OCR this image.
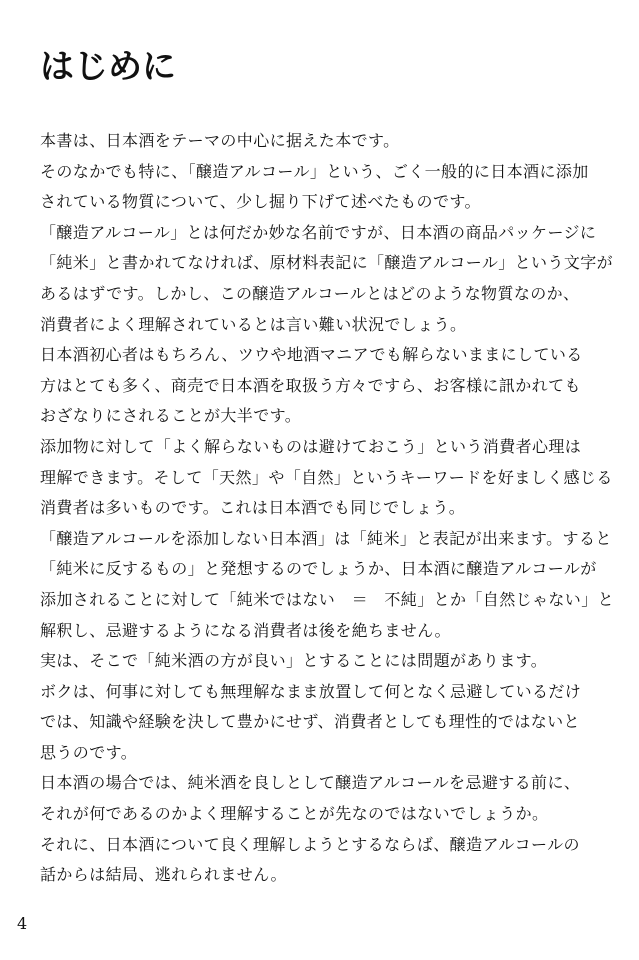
はじめに
本書は、日本酒をテーマの中心に据えた本です。
そのなかでも特に、「醸造アルコール」という、ごく一般的に日本酒に添加
されている物質について、少し掘り下げて述べたものです。
「醸造アルコール」とは何だか妙な名前ですが、日本酒の商品パッケージに
「純米」と書かれてなければ、原材料表記に「醸造アルコール」という文字が
あるはずです。しかし、この醸造アルコールとはどのような物質なのか、
消費者によく理解されているとは言い難い状況でしょう。
日本酒初心者はもちろん、ツウや地酒マニアでも解らないままにしている
方はとても多く、商売で日本酒を取扱う方々ですら、お客様に訊かれても
おざなりにされることが大半です。
添加物に対して「よく解らないものは避けておこう」という消費者心理は
理解できます。そして「天然」や「自然」というキーワードを好ましく感じる
消費者は多いものです。これは日本酒でも同じでしょう。
「醸造アルコールを添加しない日本酒」は「純米」と表記が出来ます。すると
「純米に反するもの」と発想するのでしょうか、日本酒に醸造アルコールが
添加されることに対して「純米ではない　＝　不純」とか「自然じゃない」と
解釈し、忌避するようになる消費者は後を絶ちません。
実は、そこで「純米酒の方が良い」とすることには問題があります。
ボクは、何事に対しても無理解なまま放置して何となく忌避しているだけ
では、知識や経験を決して豊かにせず、消費者としても理性的ではないと
思うのです。
日本酒の場合では、純米酒を良しとして醸造アルコールを忌避する前に、
それが何であるのかよく理解することが先なのではないでしょうか。
それに、日本酒について良く理解しようとするならば、醸造アルコールの
話からは結局、逃れられません。
4
